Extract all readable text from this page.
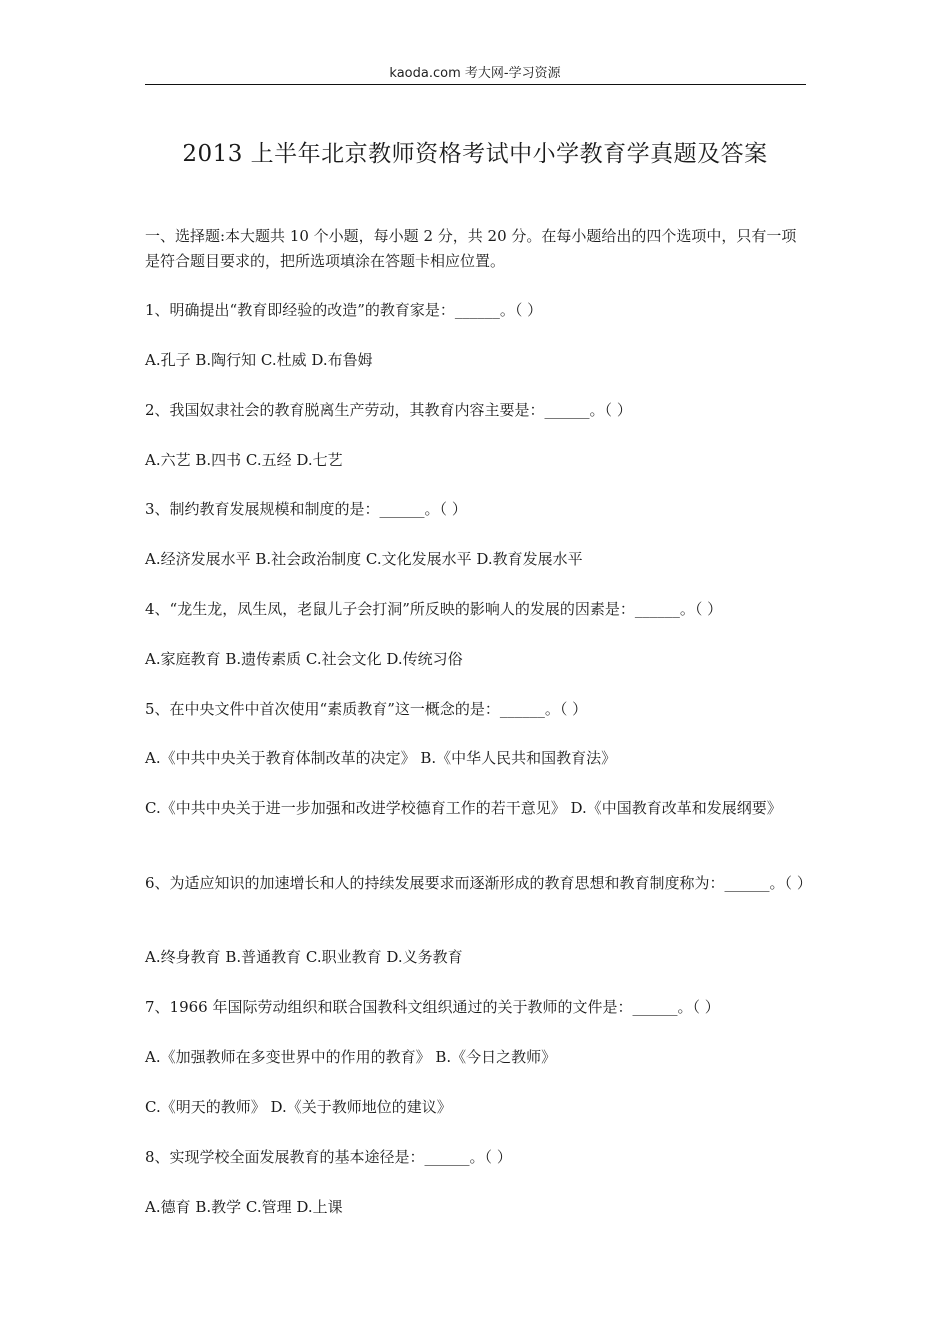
kaoda.com 考大网-学习资源
2013 上半年北京教师资格考试中小学教育学真题及答案

一、选择题:本大题共 10 个小题，每小题 2 分，共 20 分。在每小题给出的四个选项中，只有一项是符合题目要求的，把所选项填涂在答题卡相应位置。

1、明确提出“教育即经验的改造”的教育家是：______。（ ）

A.孔子 B.陶行知 C.杜威 D.布鲁姆

2、我国奴隶社会的教育脱离生产劳动，其教育内容主要是：______。（ ）

A.六艺 B.四书 C.五经 D.七艺

3、制约教育发展规模和制度的是：______。（ ）

A.经济发展水平 B.社会政治制度 C.文化发展水平 D.教育发展水平

4、“龙生龙，凤生凤，老鼠儿子会打洞”所反映的影响人的发展的因素是：______。（ ）

A.家庭教育 B.遗传素质 C.社会文化 D.传统习俗

5、在中央文件中首次使用“素质教育”这一概念的是：______。（ ）

A.《中共中央关于教育体制改革的决定》 B.《中华人民共和国教育法》

C.《中共中央关于进一步加强和改进学校德育工作的若干意见》 D.《中国教育改革和发展纲要》

6、为适应知识的加速增长和人的持续发展要求而逐渐形成的教育思想和教育制度称为：______。（ ）

A.终身教育 B.普通教育 C.职业教育 D.义务教育

7、1966 年国际劳动组织和联合国教科文组织通过的关于教师的文件是：______。（ ）

A.《加强教师在多变世界中的作用的教育》 B.《今日之教师》

C.《明天的教师》 D.《关于教师地位的建议》

8、实现学校全面发展教育的基本途径是：______。（ ）

A.德育 B.教学 C.管理 D.上课
